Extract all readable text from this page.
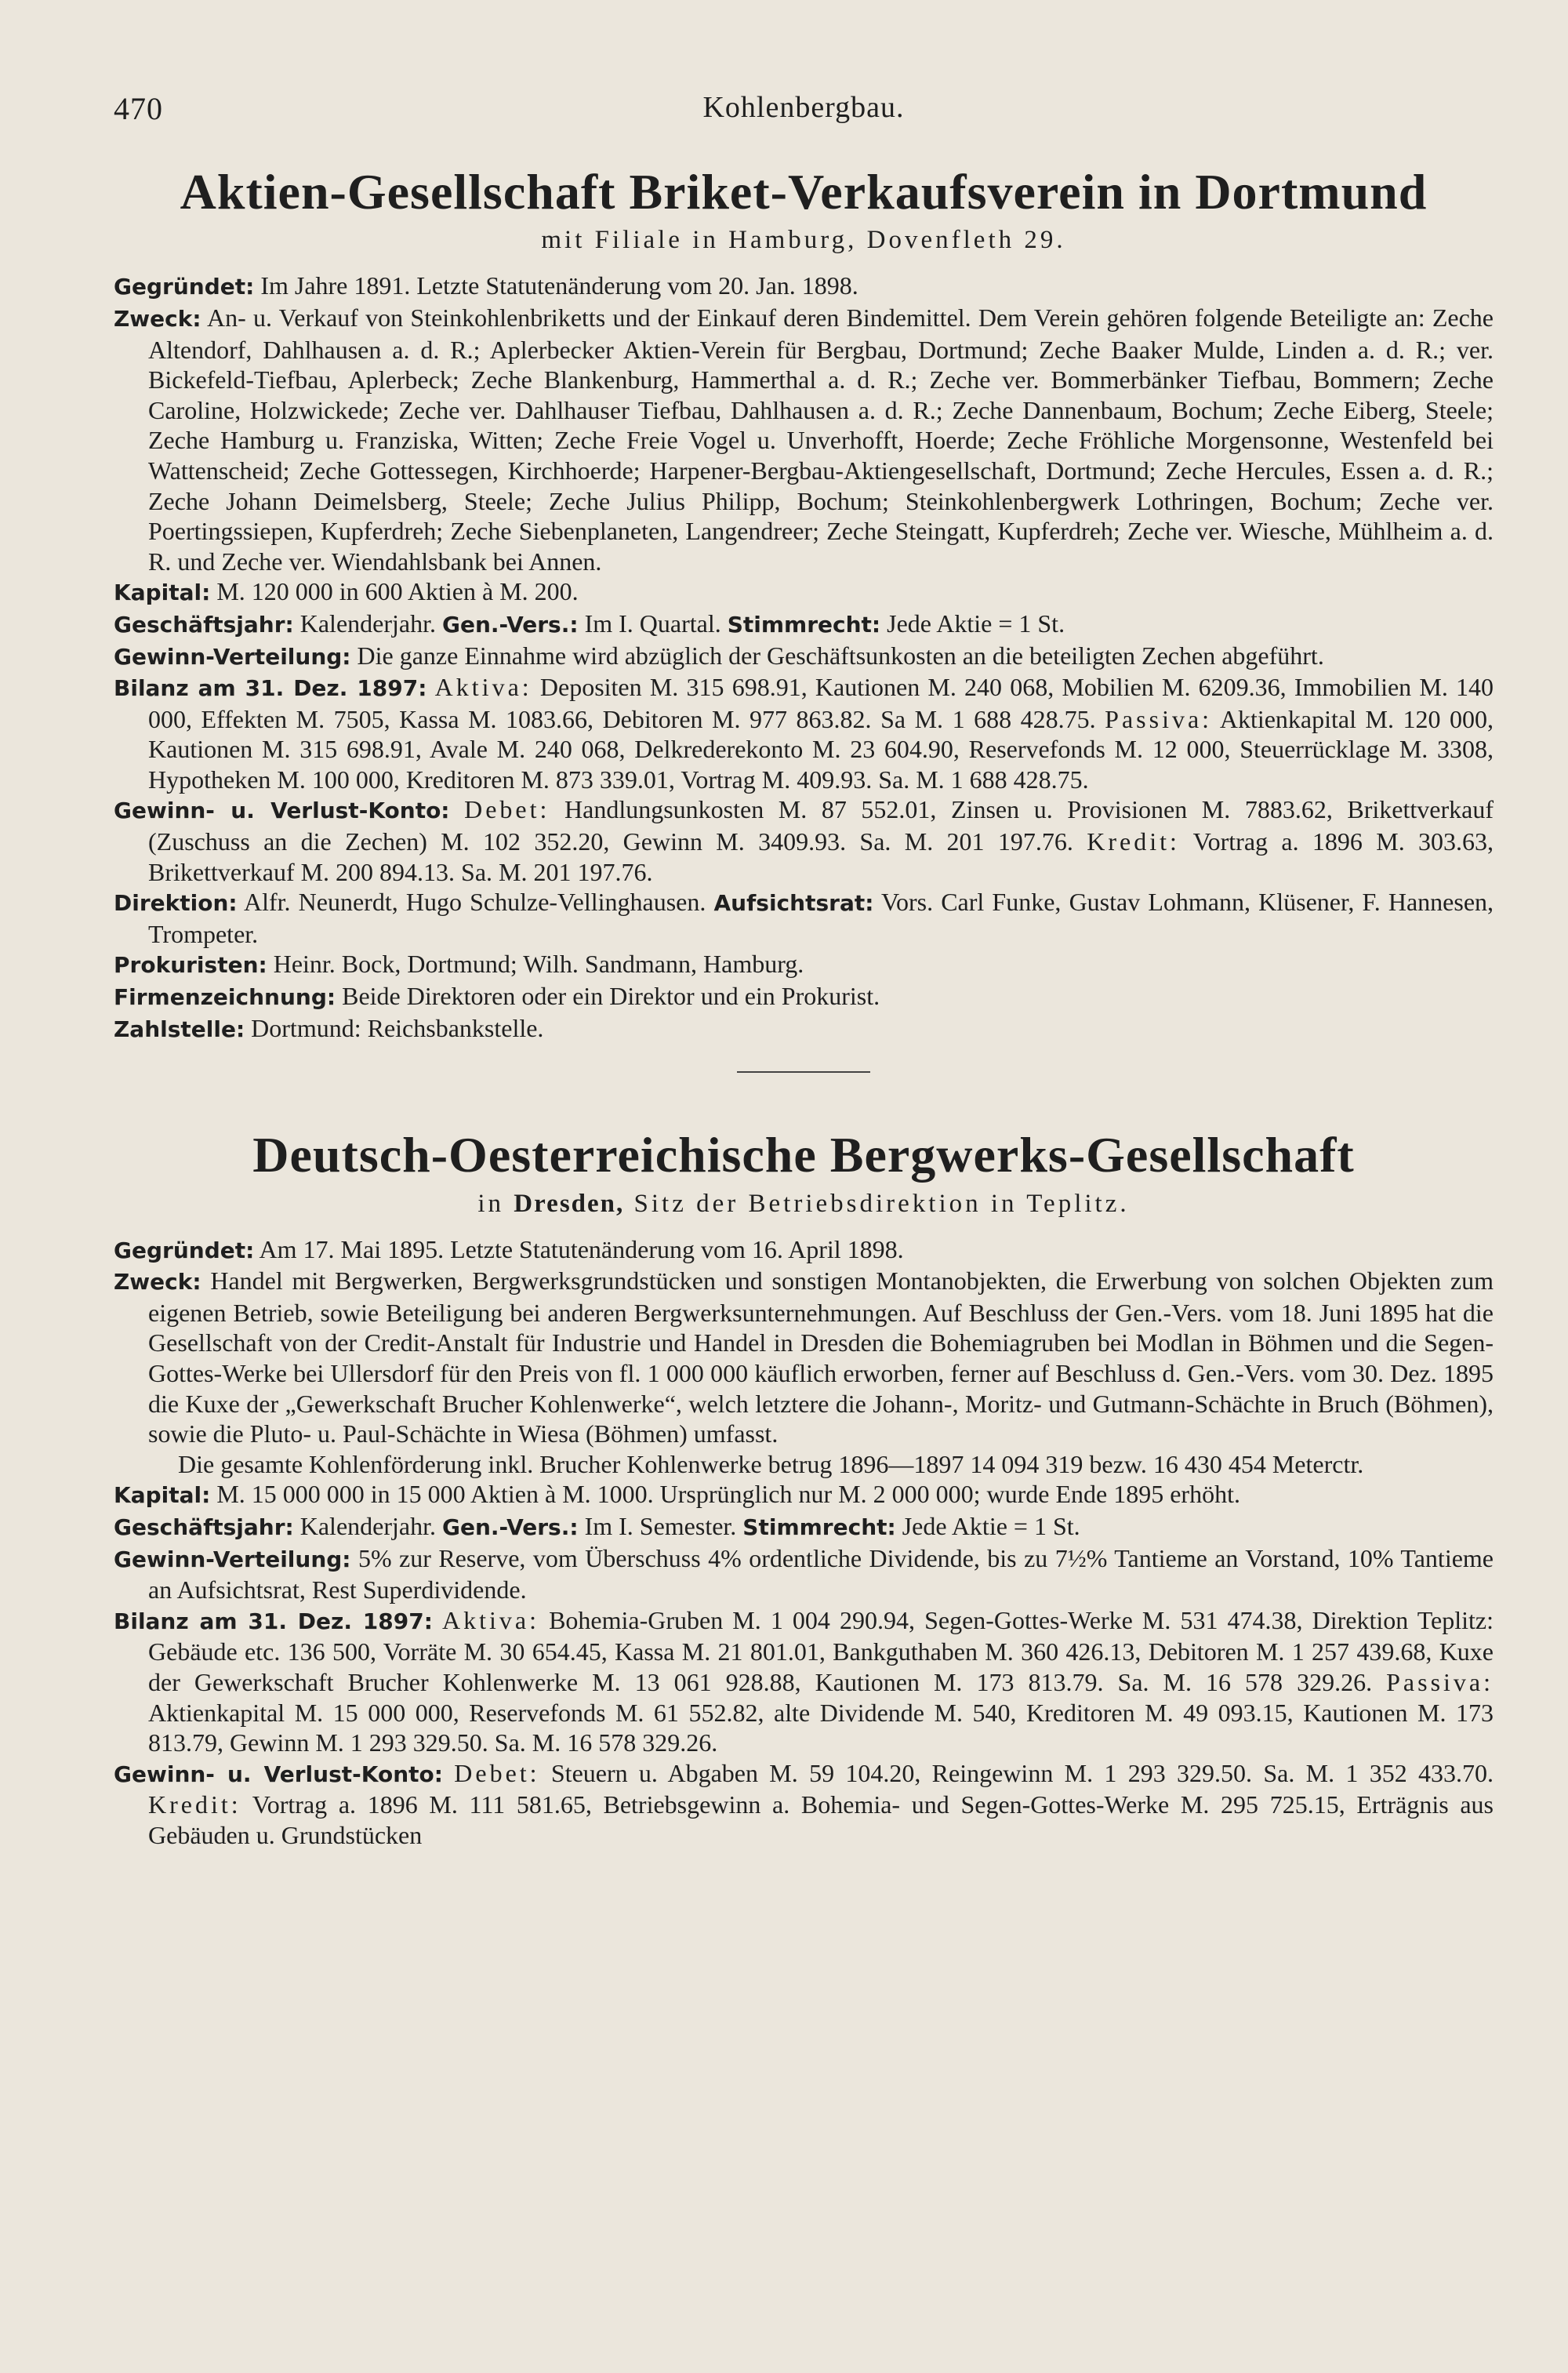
470	Kohlenbergbau.
Aktien-Gesellschaft Briket-Verkaufsverein in Dortmund
mit Filiale in Hamburg, Dovenfleth 29.

Gegründet: Im Jahre 1891. Letzte Statutenänderung vom 20. Jan. 1898.

Zweck: An- u. Verkauf von Steinkohlenbriketts und der Einkauf deren Bindemittel. Dem Verein gehören folgende Beteiligte an: Zeche Altendorf, Dahlhausen a. d. R.; Aplerbecker Aktien-Verein für Bergbau, Dortmund; Zeche Baaker Mulde, Linden a. d. R.; ver. Bickefeld-Tiefbau, Aplerbeck; Zeche Blankenburg, Hammerthal a. d. R.; Zeche ver. Bommerbänker Tiefbau, Bommern; Zeche Caroline, Holzwickede; Zeche ver. Dahlhauser Tiefbau, Dahlhausen a. d. R.; Zeche Dannenbaum, Bochum; Zeche Eiberg, Steele; Zeche Hamburg u. Franziska, Witten; Zeche Freie Vogel u. Unverhofft, Hoerde; Zeche Fröhliche Morgensonne, Westenfeld bei Wattenscheid; Zeche Gottessegen, Kirchhoerde; Harpener-Bergbau-Aktiengesellschaft, Dortmund; Zeche Hercules, Essen a. d. R.; Zeche Johann Deimelsberg, Steele; Zeche Julius Philipp, Bochum; Steinkohlenbergwerk Lothringen, Bochum; Zeche ver. Poertingssiepen, Kupferdreh; Zeche Siebenplaneten, Langendreer; Zeche Steingatt, Kupferdreh; Zeche ver. Wiesche, Mühlheim a. d. R. und Zeche ver. Wiendahlsbank bei Annen.

Kapital: M. 120 000 in 600 Aktien à M. 200.

Geschäftsjahr: Kalenderjahr. Gen.-Vers.: Im I. Quartal. Stimmrecht: Jede Aktie = 1 St.

Gewinn-Verteilung: Die ganze Einnahme wird abzüglich der Geschäftsunkosten an die beteiligten Zechen abgeführt.

Bilanz am 31. Dez. 1897: Aktiva: Depositen M. 315 698.91, Kautionen M. 240 068, Mobilien M. 6209.36, Immobilien M. 140 000, Effekten M. 7505, Kassa M. 1083.66, Debitoren M. 977 863.82. Sa M. 1 688 428.75. Passiva: Aktienkapital M. 120 000, Kautionen M. 315 698.91, Avale M. 240 068, Delkrederekonto M. 23 604.90, Reservefonds M. 12 000, Steuerrücklage M. 3308, Hypotheken M. 100 000, Kreditoren M. 873 339.01, Vortrag M. 409.93. Sa. M. 1 688 428.75.

Gewinn- u. Verlust-Konto: Debet: Handlungsunkosten M. 87 552.01, Zinsen u. Provisionen M. 7883.62, Brikettverkauf (Zuschuss an die Zechen) M. 102 352.20, Gewinn M. 3409.93. Sa. M. 201 197.76. Kredit: Vortrag a. 1896 M. 303.63, Brikettverkauf M. 200 894.13. Sa. M. 201 197.76.

Direktion: Alfr. Neunerdt, Hugo Schulze-Vellinghausen. Aufsichtsrat: Vors. Carl Funke, Gustav Lohmann, Klüsener, F. Hannesen, Trompeter.

Prokuristen: Heinr. Bock, Dortmund; Wilh. Sandmann, Hamburg.

Firmenzeichnung: Beide Direktoren oder ein Direktor und ein Prokurist.

Zahlstelle: Dortmund: Reichsbankstelle.

Deutsch-Oesterreichische Bergwerks-Gesellschaft
in Dresden, Sitz der Betriebsdirektion in Teplitz.

Gegründet: Am 17. Mai 1895. Letzte Statutenänderung vom 16. April 1898.

Zweck: Handel mit Bergwerken, Bergwerksgrundstücken und sonstigen Montanobjekten, die Erwerbung von solchen Objekten zum eigenen Betrieb, sowie Beteiligung bei anderen Bergwerksunternehmungen. Auf Beschluss der Gen.-Vers. vom 18. Juni 1895 hat die Gesellschaft von der Credit-Anstalt für Industrie und Handel in Dresden die Bohemiagruben bei Modlan in Böhmen und die Segen-Gottes-Werke bei Ullersdorf für den Preis von fl. 1 000 000 käuflich erworben, ferner auf Beschluss d. Gen.-Vers. vom 30. Dez. 1895 die Kuxe der „Gewerkschaft Brucher Kohlenwerke“, welch letztere die Johann-, Moritz- und Gutmann-Schächte in Bruch (Böhmen), sowie die Pluto- u. Paul-Schächte in Wiesa (Böhmen) umfasst.

Die gesamte Kohlenförderung inkl. Brucher Kohlenwerke betrug 1896—1897 14 094 319 bezw. 16 430 454 Meterctr.

Kapital: M. 15 000 000 in 15 000 Aktien à M. 1000. Ursprünglich nur M. 2 000 000; wurde Ende 1895 erhöht.

Geschäftsjahr: Kalenderjahr. Gen.-Vers.: Im I. Semester. Stimmrecht: Jede Aktie = 1 St.

Gewinn-Verteilung: 5% zur Reserve, vom Überschuss 4% ordentliche Dividende, bis zu 7½% Tantieme an Vorstand, 10% Tantieme an Aufsichtsrat, Rest Superdividende.

Bilanz am 31. Dez. 1897: Aktiva: Bohemia-Gruben M. 1 004 290.94, Segen-Gottes-Werke M. 531 474.38, Direktion Teplitz: Gebäude etc. 136 500, Vorräte M. 30 654.45, Kassa M. 21 801.01, Bankguthaben M. 360 426.13, Debitoren M. 1 257 439.68, Kuxe der Gewerkschaft Brucher Kohlenwerke M. 13 061 928.88, Kautionen M. 173 813.79. Sa. M. 16 578 329.26. Passiva: Aktienkapital M. 15 000 000, Reservefonds M. 61 552.82, alte Dividende M. 540, Kreditoren M. 49 093.15, Kautionen M. 173 813.79, Gewinn M. 1 293 329.50. Sa. M. 16 578 329.26.

Gewinn- u. Verlust-Konto: Debet: Steuern u. Abgaben M. 59 104.20, Reingewinn M. 1 293 329.50. Sa. M. 1 352 433.70. Kredit: Vortrag a. 1896 M. 111 581.65, Betriebsgewinn a. Bohemia- und Segen-Gottes-Werke M. 295 725.15, Erträgnis aus Gebäuden u. Grundstücken
